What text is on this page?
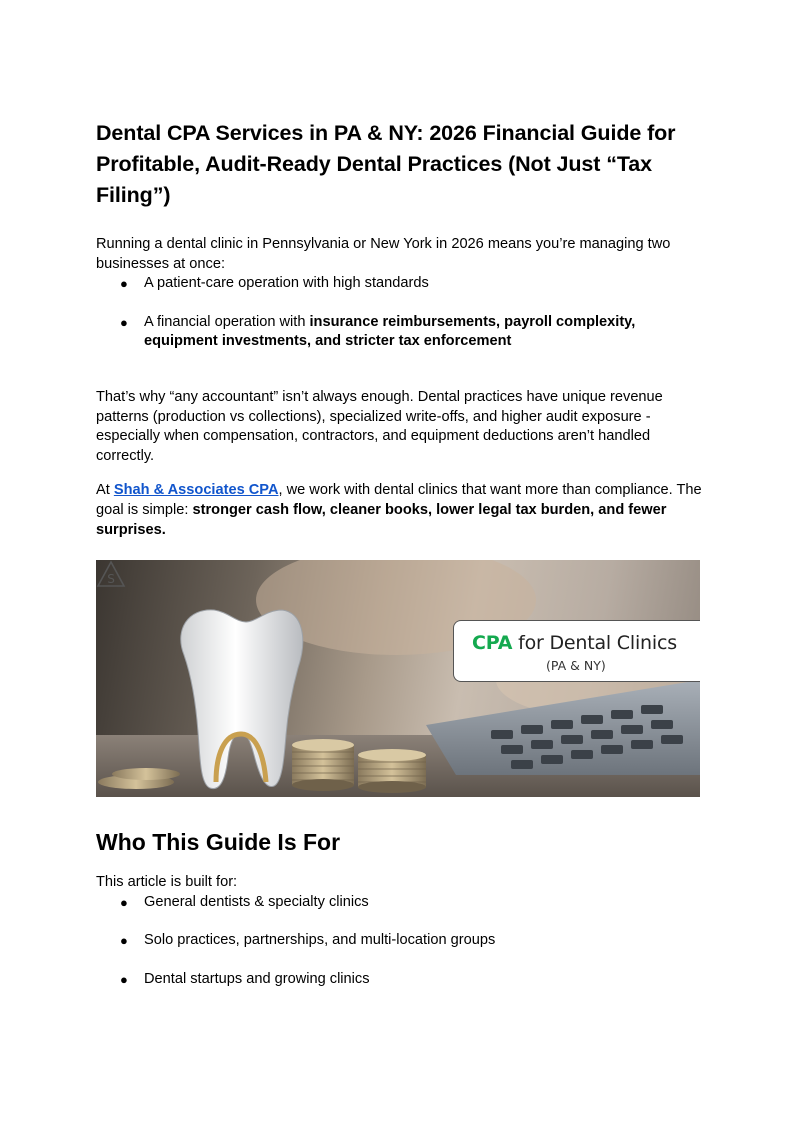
Dental CPA Services in PA & NY: 2026 Financial Guide for Profitable, Audit-Ready Dental Practices (Not Just “Tax Filing”)

Running a dental clinic in Pennsylvania or New York in 2026 means you’re managing two businesses at once:

● A patient-care operation with high standards
● A financial operation with insurance reimbursements, payroll complexity, equipment investments, and stricter tax enforcement

That’s why “any accountant” isn’t always enough. Dental practices have unique revenue patterns (production vs collections), specialized write-offs, and higher audit exposure - especially when compensation, contractors, and equipment deductions aren’t handled correctly.

At Shah & Associates CPA, we work with dental clinics that want more than compliance. The goal is simple: stronger cash flow, cleaner books, lower legal tax burden, and fewer surprises.

S
CPA for Dental Clinics
(PA & NY)
Who This Guide Is For

This article is built for:

● General dentists & specialty clinics
● Solo practices, partnerships, and multi-location groups
● Dental startups and growing clinics
